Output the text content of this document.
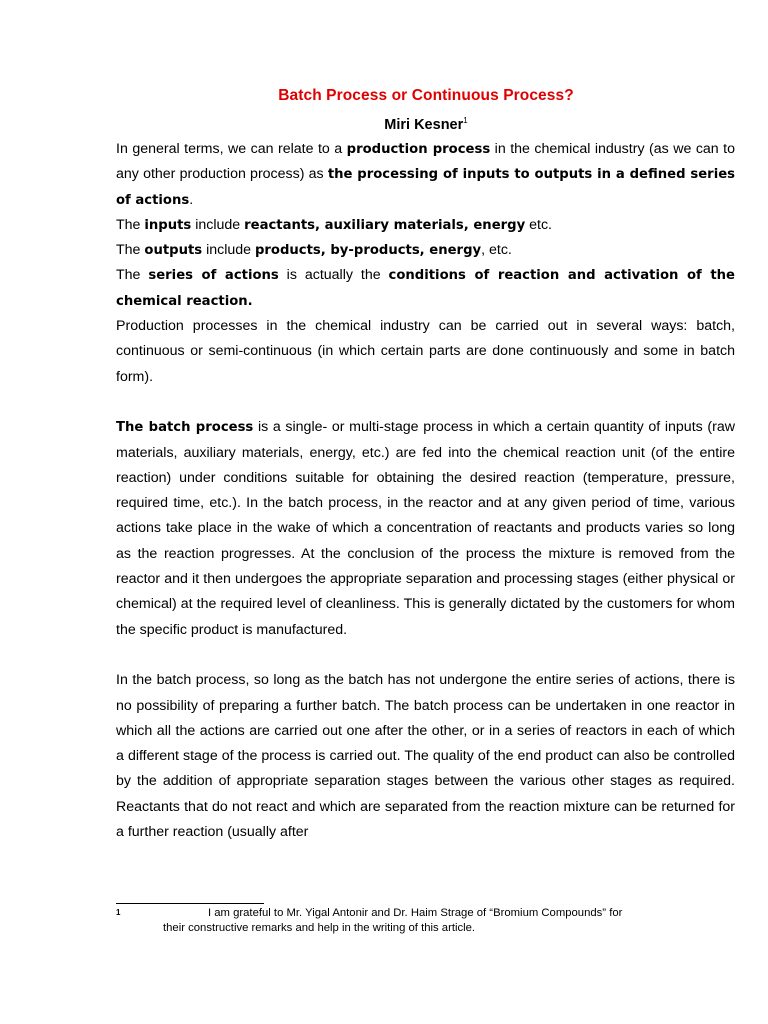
Batch Process or Continuous Process?
Miri Kesner$^1$

In general terms, we can relate to a production process in the chemical industry (as we can to any other production process) as the processing of inputs to outputs in a defined series of actions.

The inputs include reactants, auxiliary materials, energy etc.

The outputs include products, by-products, energy, etc.

The series of actions is actually the conditions of reaction and activation of the chemical reaction.

Production processes in the chemical industry can be carried out in several ways: batch, continuous or semi-continuous (in which certain parts are done continuously and some in batch form).

The batch process is a single- or multi-stage process in which a certain quantity of inputs (raw materials, auxiliary materials, energy, etc.) are fed into the chemical reaction unit (of the entire reaction) under conditions suitable for obtaining the desired reaction (temperature, pressure, required time, etc.). In the batch process, in the reactor and at any given period of time, various actions take place in the wake of which a concentration of reactants and products varies so long as the reaction progresses. At the conclusion of the process the mixture is removed from the reactor and it then undergoes the appropriate separation and processing stages (either physical or chemical) at the required level of cleanliness. This is generally dictated by the customers for whom the specific product is manufactured.

In the batch process, so long as the batch has not undergone the entire series of actions, there is no possibility of preparing a further batch. The batch process can be undertaken in one reactor in which all the actions are carried out one after the other, or in a series of reactors in each of which a different stage of the process is carried out. The quality of the end product can also be controlled by the addition of appropriate separation stages between the various other stages as required. Reactants that do not react and which are separated from the reaction mixture can be returned for a further reaction (usually after

1	I am grateful to Mr. Yigal Antonir and Dr. Haim Strage of “Bromium Compounds” for
their constructive remarks and help in the writing of this article.
